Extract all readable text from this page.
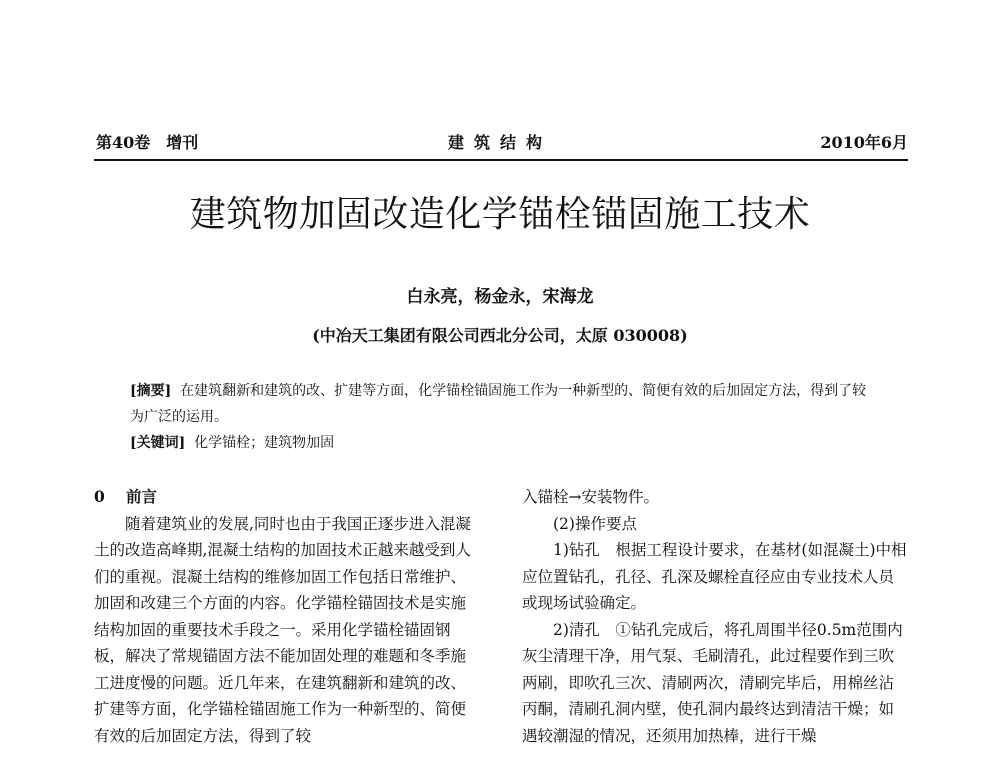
第40卷　增刊	建筑结构	2010年6月
建筑物加固改造化学锚栓锚固施工技术
白永亮，杨金永，宋海龙
(中冶天工集团有限公司西北分公司，太原 030008)

[摘要] 在建筑翻新和建筑的改、扩建等方面，化学锚栓锚固施工作为一种新型的、简便有效的后加固定方法，得到了较为广泛的运用。

[关键词] 化学锚栓；建筑物加固

0 前言

随着建筑业的发展,同时也由于我国正逐步进入混凝土的改造高峰期,混凝土结构的加固技术正越来越受到人们的重视。混凝土结构的维修加固工作包括日常维护、加固和改建三个方面的内容。化学锚栓锚固技术是实施结构加固的重要技术手段之一。采用化学锚栓锚固钢板，解决了常规锚固方法不能加固处理的难题和冬季施工进度慢的问题。近几年来，在建筑翻新和建筑的改、扩建等方面，化学锚栓锚固施工作为一种新型的、简便有效的后加固定方法，得到了较

入锚栓→安装物件。

(2)操作要点

1)钻孔　根据工程设计要求，在基材(如混凝土)中相应位置钻孔，孔径、孔深及螺栓直径应由专业技术人员或现场试验确定。

2)清孔　①钻孔完成后，将孔周围半径0.5m范围内灰尘清理干净，用气泵、毛刷清孔，此过程要作到三吹两刷，即吹孔三次、清刷两次，清刷完毕后，用棉丝沾丙酮，清刷孔洞内壁，使孔洞内最终达到清洁干燥；如遇较潮湿的情况，还须用加热棒，进行干燥
